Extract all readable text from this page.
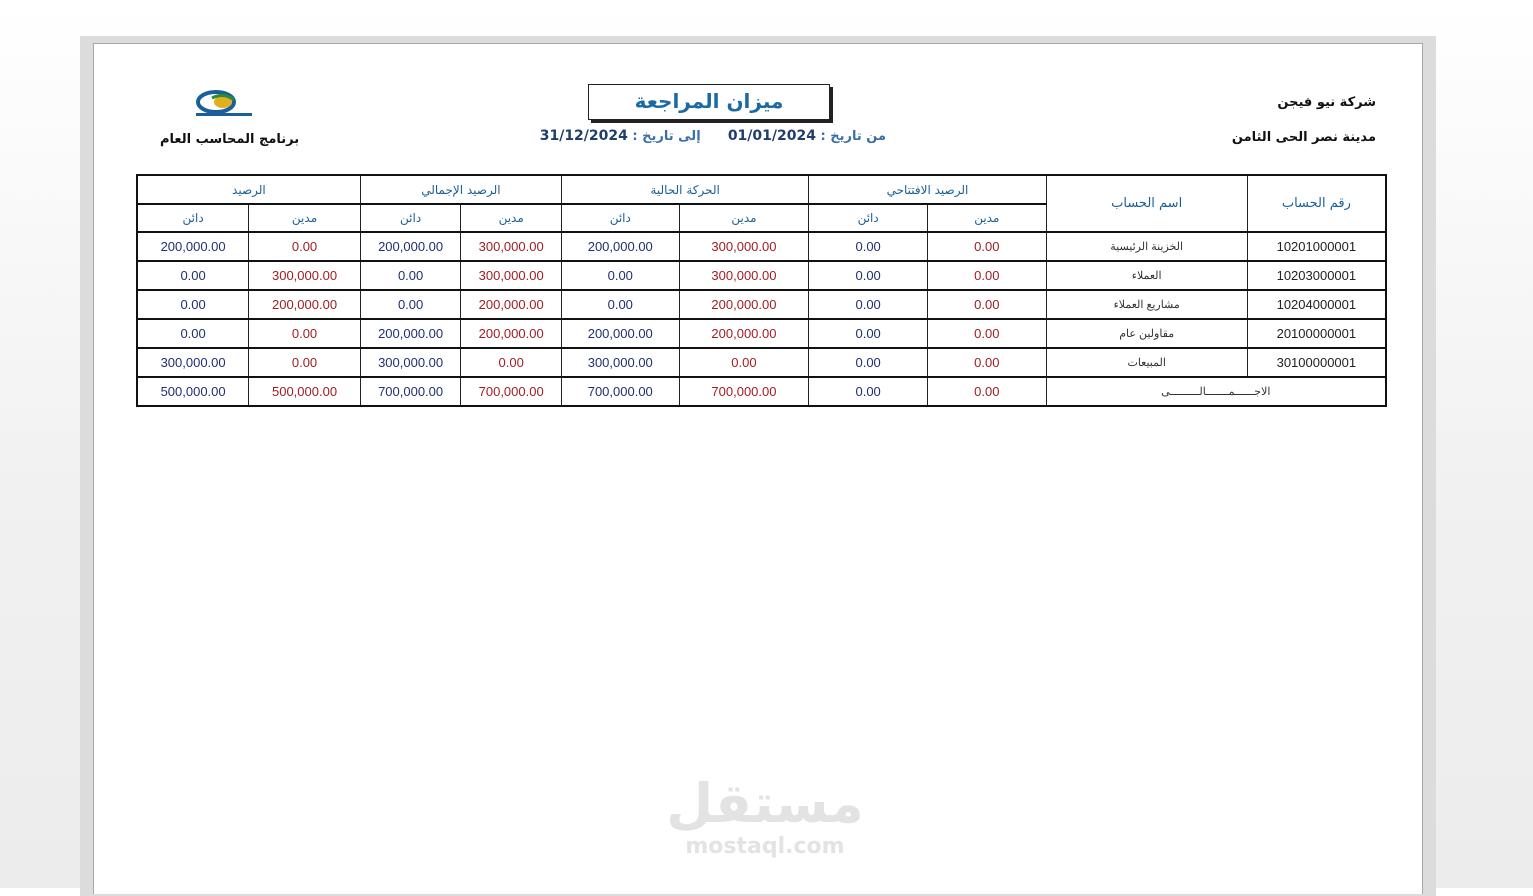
شركة نيو فيجن
مدينة نصر الحى الثامن
برنامج المحاسب العام
ميزان المراجعة
من تاريخ : 01/01/2024      إلى تاريخ : 31/12/2024
رقم الحساب	اسم الحساب	الرصيد الافتتاحي		الحركة الحالية		الرصيد الإجمالي		الرصيد	
		مدين	دائن	مدين	دائن	مدين	دائن	مدين	دائن
10201000001	الخزينة الرئيسية	0.00	0.00	300,000.00	200,000.00	300,000.00	200,000.00	0.00	200,000.00
10203000001	العملاء	0.00	0.00	300,000.00	0.00	300,000.00	0.00	300,000.00	0.00
10204000001	مشاريع العملاء	0.00	0.00	200,000.00	0.00	200,000.00	0.00	200,000.00	0.00
20100000001	مقاولين عام	0.00	0.00	200,000.00	200,000.00	200,000.00	200,000.00	0.00	0.00
30100000001	المبيعات	0.00	0.00	0.00	300,000.00	0.00	300,000.00	0.00	300,000.00
الاجــــــمـــــــالـــــــــى		0.00	0.00	700,000.00	700,000.00	700,000.00	700,000.00	500,000.00	500,000.00
مستقل
mostaql.com
